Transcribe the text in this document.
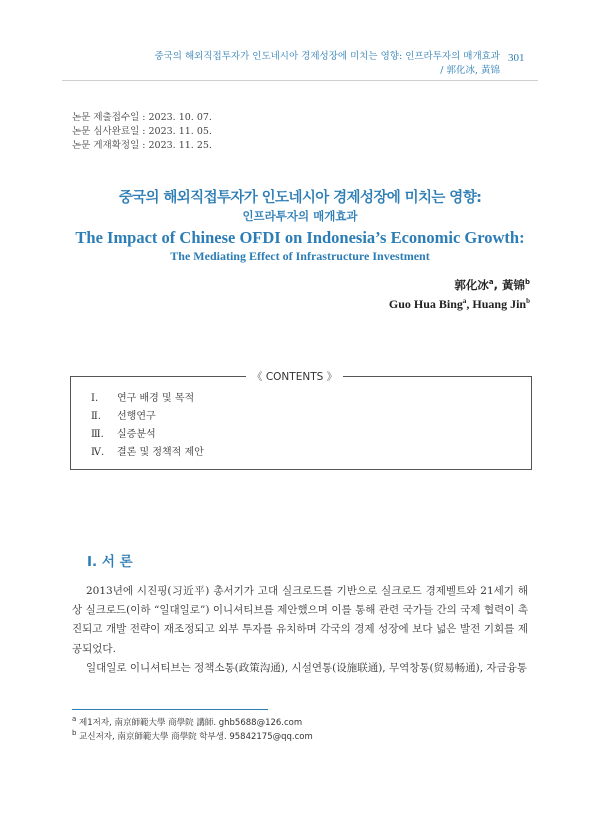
중국의 해외직접투자가 인도네시아 경제성장에 미치는 영향: 인프라투자의 매개효과
/ 郭化冰, 黃锦
301
논문 제출접수일 : 2023. 10. 07.
논문 심사완료일 : 2023. 11. 05.
논문 게재확정일 : 2023. 11. 25.
중국의 해외직접투자가 인도네시아 경제성장에 미치는 영향:
인프라투자의 매개효과
The Impact of Chinese OFDI on Indonesia’s Economic Growth:
The Mediating Effect of Infrastructure Investment
郭化冰$^a$, 黃锦$^b$
Guo Hua Bing$^a$, Huang Jin$^b$
《 CONTENTS 》
Ⅰ. 연구 배경 및 목적
Ⅱ. 선행연구
Ⅲ. 실증분석
Ⅳ. 결론 및 정책적 제안
Ⅰ. 서 론

2013년에 시진핑(习近平) 총서기가 고대 실크로드를 기반으로 실크로드 경제벨트와 21세기 해상 실크로드(이하 “일대일로”) 이니셔티브를 제안했으며 이를 통해 관련 국가들 간의 국제 협력이 촉진되고 개발 전략이 재조정되고 외부 투자를 유치하며 각국의 경제 성장에 보다 넓은 발전 기회를 제공되었다.

일대일로 이니셔티브는 정책소통(政策沟通), 시설연통(设施联通), 무역창통(贸易畅通), 자금융통

$^a$ 제1저자, 南京師範大學 商學院 講師. ghb5688@126.com
$^b$ 교신저자, 南京師範大學 商學院 학부생. 95842175@qq.com
